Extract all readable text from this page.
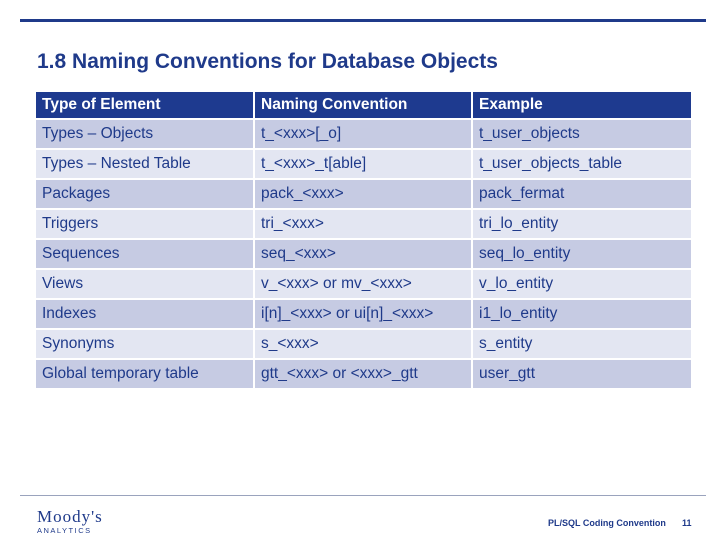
1.8 Naming Conventions for Database Objects
Type of Element	Naming Convention	Example
Types – Objects	t_<xxx>[_o]	t_user_objects
Types – Nested Table	t_<xxx>_t[able]	t_user_objects_table
Packages	pack_<xxx>	pack_fermat
Triggers	tri_<xxx>	tri_lo_entity
Sequences	seq_<xxx>	seq_lo_entity
Views	v_<xxx> or mv_<xxx>	v_lo_entity
Indexes	i[n]_<xxx> or ui[n]_<xxx>	i1_lo_entity
Synonyms	s_<xxx>	s_entity
Global temporary table	gtt_<xxx> or <xxx>_gtt	user_gtt
Moody's
ANALYTICS
PL/SQL Coding Convention 11
